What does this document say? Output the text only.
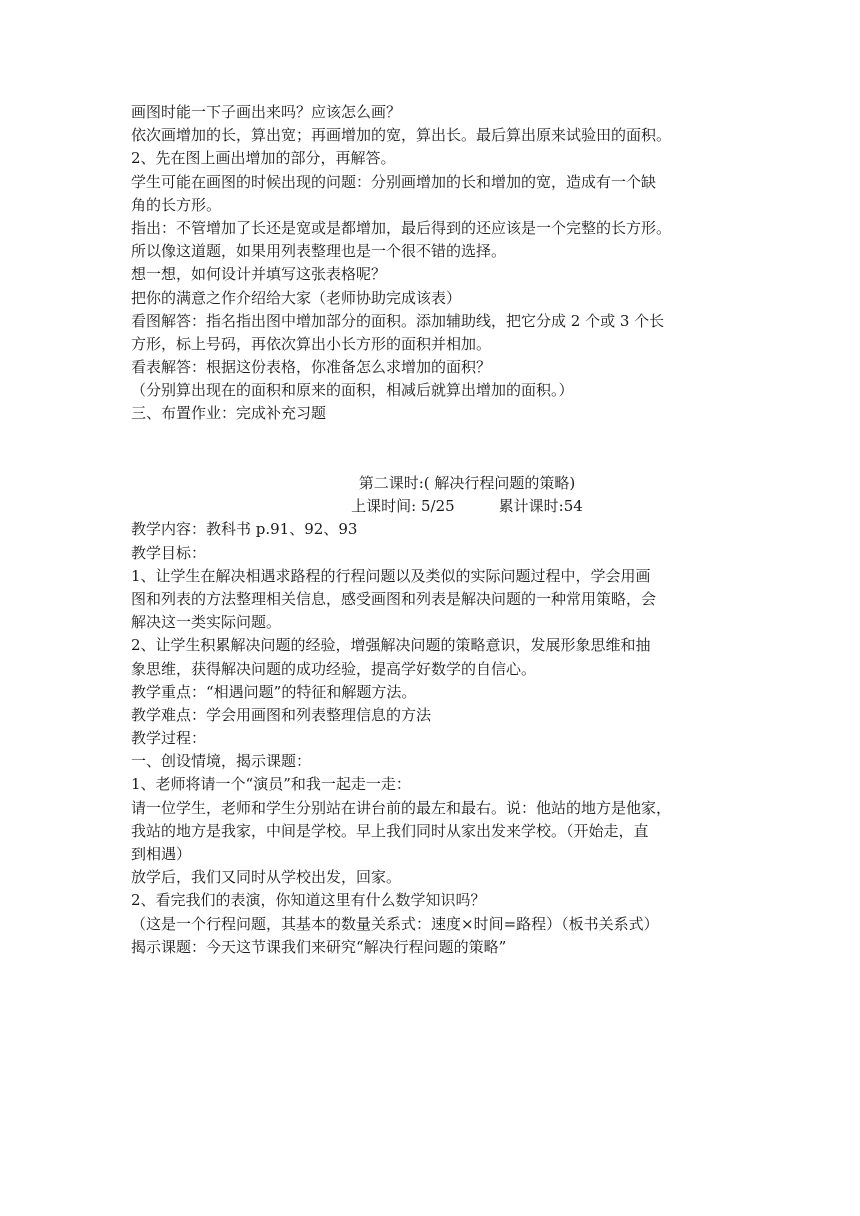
画图时能一下子画出来吗？应该怎么画？
依次画增加的长，算出宽；再画增加的宽，算出长。最后算出原来试验田的面积。
2、先在图上画出增加的部分，再解答。
学生可能在画图的时候出现的问题：分别画增加的长和增加的宽，造成有一个缺
角的长方形。
指出：不管增加了长还是宽或是都增加，最后得到的还应该是一个完整的长方形。
所以像这道题，如果用列表整理也是一个很不错的选择。
想一想，如何设计并填写这张表格呢？
把你的满意之作介绍给大家（老师协助完成该表）
看图解答：指名指出图中增加部分的面积。添加辅助线，把它分成 2 个或 3 个长
方形，标上号码，再依次算出小长方形的面积并相加。
看表解答：根据这份表格，你准备怎么求增加的面积？
（分别算出现在的面积和原来的面积，相减后就算出增加的面积。）
三、布置作业：完成补充习题
第二课时:( 解决行程问题的策略)
上课时间: 5/25	累计课时:54
教学内容：教科书 p.91、92、93
教学目标：
1、让学生在解决相遇求路程的行程问题以及类似的实际问题过程中，学会用画
图和列表的方法整理相关信息，感受画图和列表是解决问题的一种常用策略，会
解决这一类实际问题。
2、让学生积累解决问题的经验，增强解决问题的策略意识，发展形象思维和抽
象思维，获得解决问题的成功经验，提高学好数学的自信心。
教学重点：“相遇问题”的特征和解题方法。
教学难点：学会用画图和列表整理信息的方法
教学过程：
一、创设情境，揭示课题：
1、老师将请一个“演员”和我一起走一走：
请一位学生，老师和学生分别站在讲台前的最左和最右。说：他站的地方是他家，
我站的地方是我家，中间是学校。早上我们同时从家出发来学校。（开始走，直
到相遇）
放学后，我们又同时从学校出发，回家。
2、看完我们的表演，你知道这里有什么数学知识吗？
（这是一个行程问题，其基本的数量关系式：速度×时间=路程）（板书关系式）
揭示课题：今天这节课我们来研究“解决行程问题的策略”
